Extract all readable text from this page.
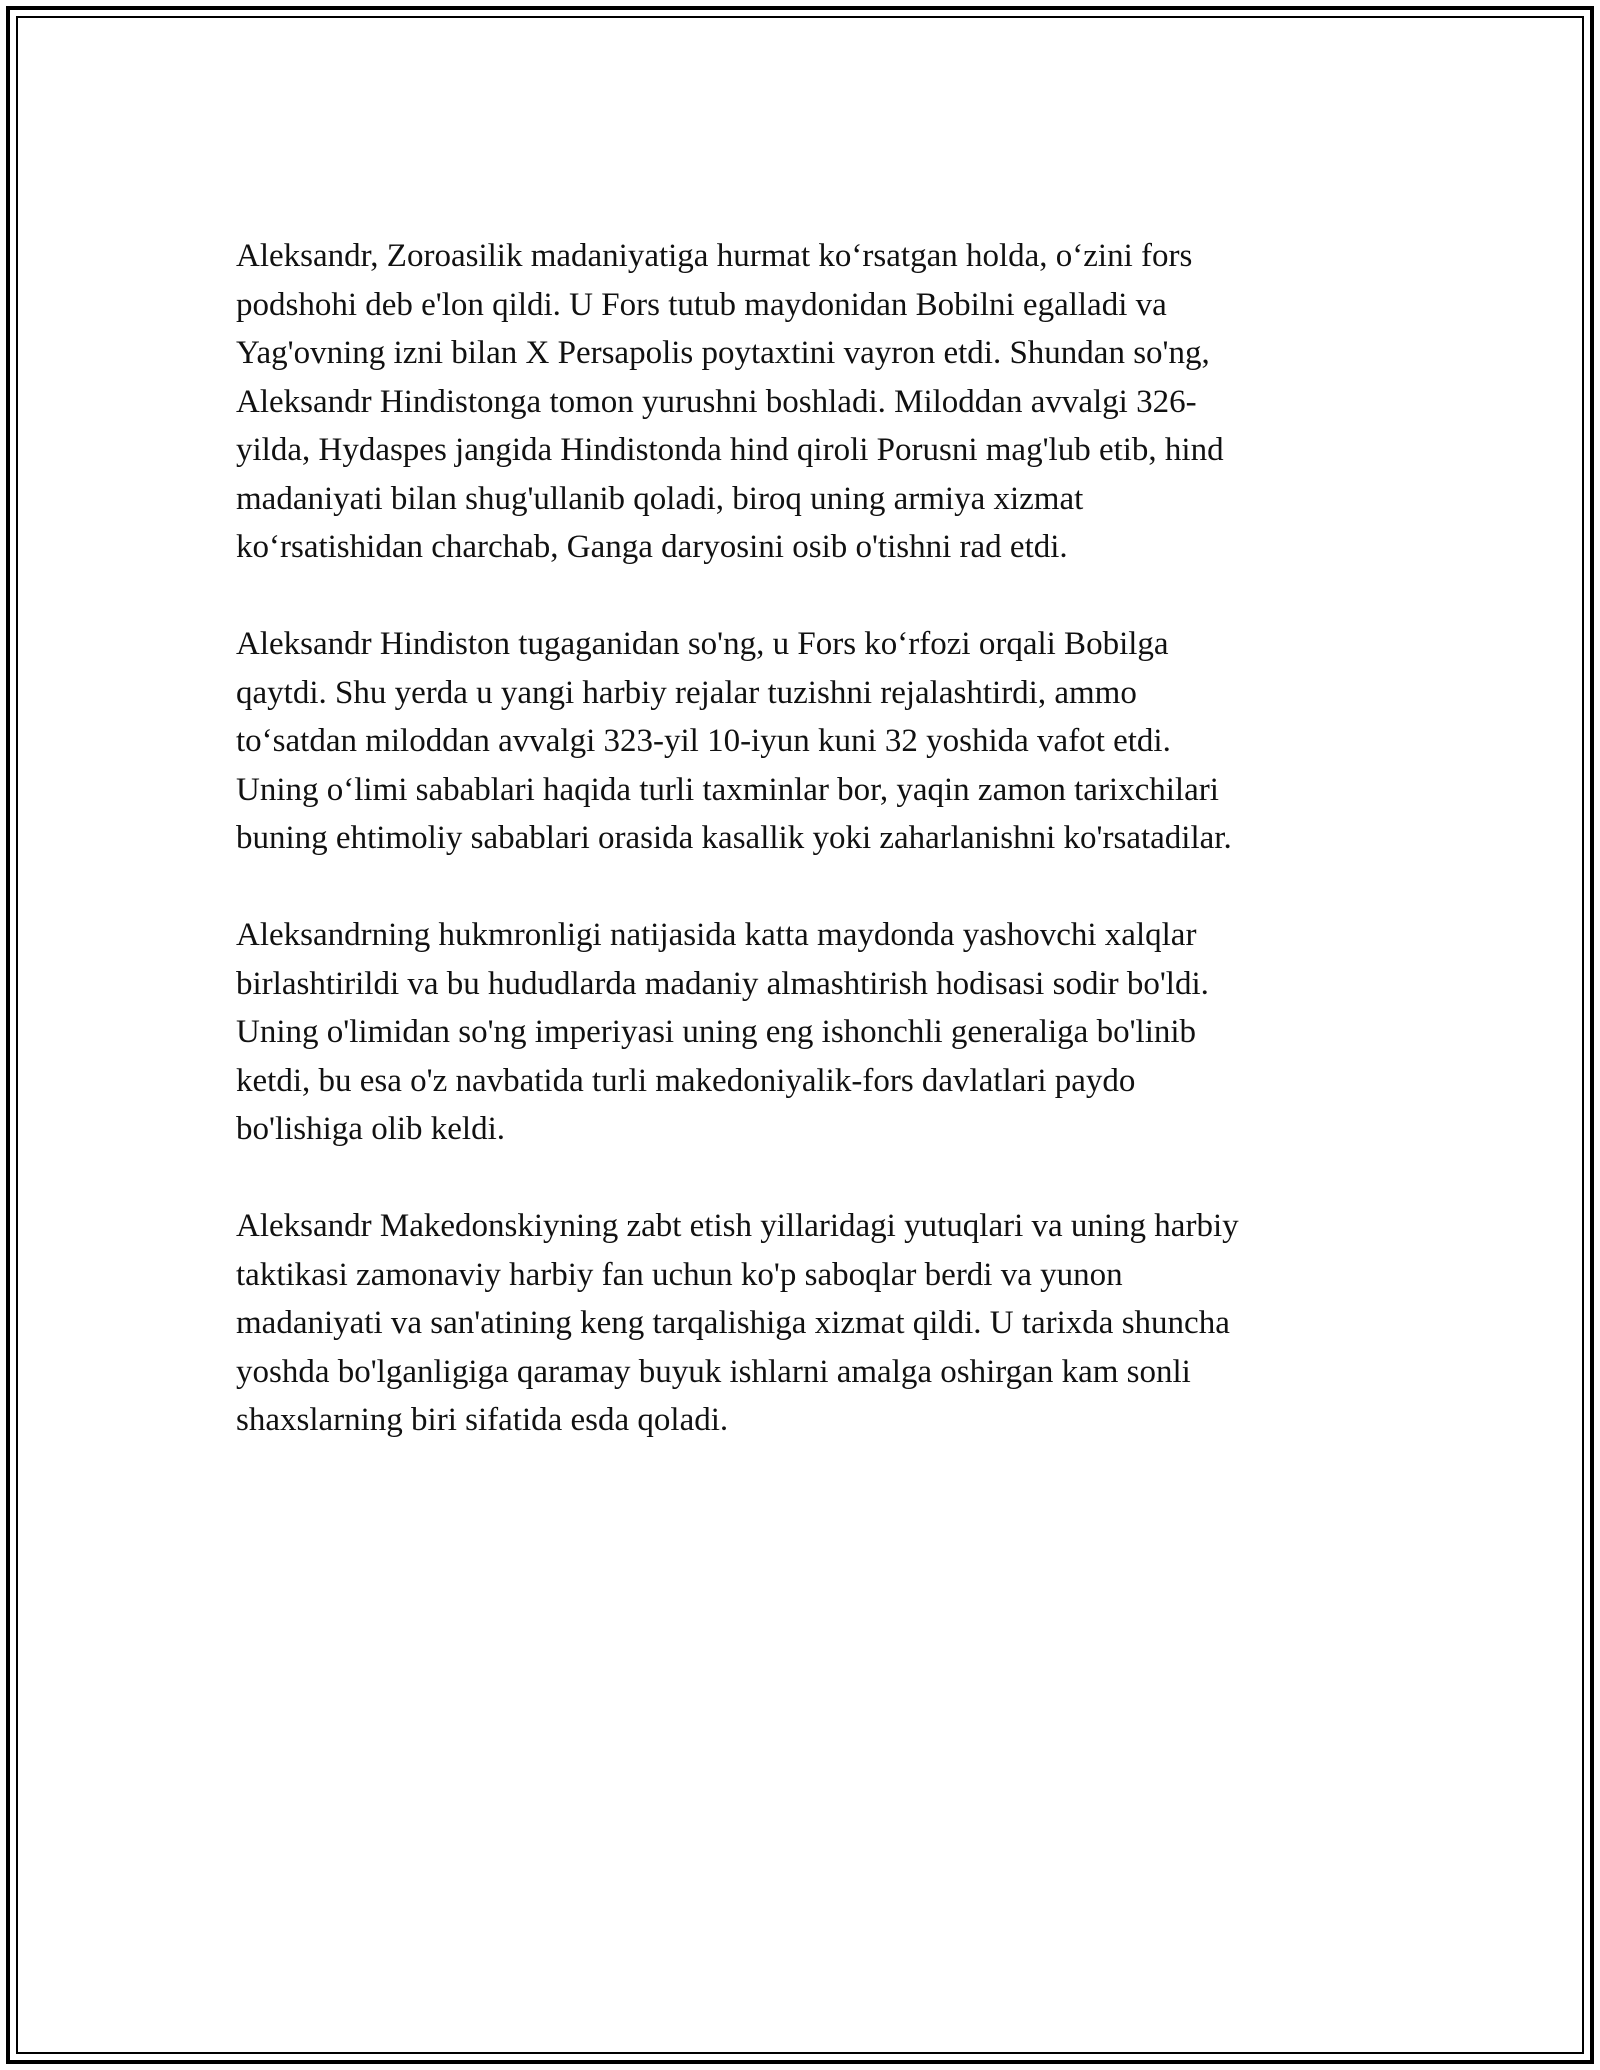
Aleksandr, Zoroasilik madaniyatiga hurmat ko‘rsatgan holda, o‘zini fors
podshohi deb e'lon qildi. U Fors tutub maydonidan Bobilni egalladi va
Yag'ovning izni bilan X Persapolis poytaxtini vayron etdi. Shundan so'ng,
Aleksandr Hindistonga tomon yurushni boshladi. Miloddan avvalgi 326-
yilda, Hydaspes jangida Hindistonda hind qiroli Porusni mag'lub etib, hind
madaniyati bilan shug'ullanib qoladi, biroq uning armiya xizmat
ko‘rsatishidan charchab, Ganga daryosini osib o'tishni rad etdi.

Aleksandr Hindiston tugaganidan so'ng, u Fors ko‘rfozi orqali Bobilga
qaytdi. Shu yerda u yangi harbiy rejalar tuzishni rejalashtirdi, ammo
to‘satdan miloddan avvalgi 323-yil 10-iyun kuni 32 yoshida vafot etdi.
Uning o‘limi sabablari haqida turli taxminlar bor, yaqin zamon tarixchilari
buning ehtimoliy sabablari orasida kasallik yoki zaharlanishni ko'rsatadilar.

Aleksandrning hukmronligi natijasida katta maydonda yashovchi xalqlar
birlashtirildi va bu hududlarda madaniy almashtirish hodisasi sodir bo'ldi.
Uning o'limidan so'ng imperiyasi uning eng ishonchli generaliga bo'linib
ketdi, bu esa o'z navbatida turli makedoniyalik-fors davlatlari paydo
bo'lishiga olib keldi.

Aleksandr Makedonskiyning zabt etish yillaridagi yutuqlari va uning harbiy
taktikasi zamonaviy harbiy fan uchun ko'p saboqlar berdi va yunon
madaniyati va san'atining keng tarqalishiga xizmat qildi. U tarixda shuncha
yoshda bo'lganligiga qaramay buyuk ishlarni amalga oshirgan kam sonli
shaxslarning biri sifatida esda qoladi.
